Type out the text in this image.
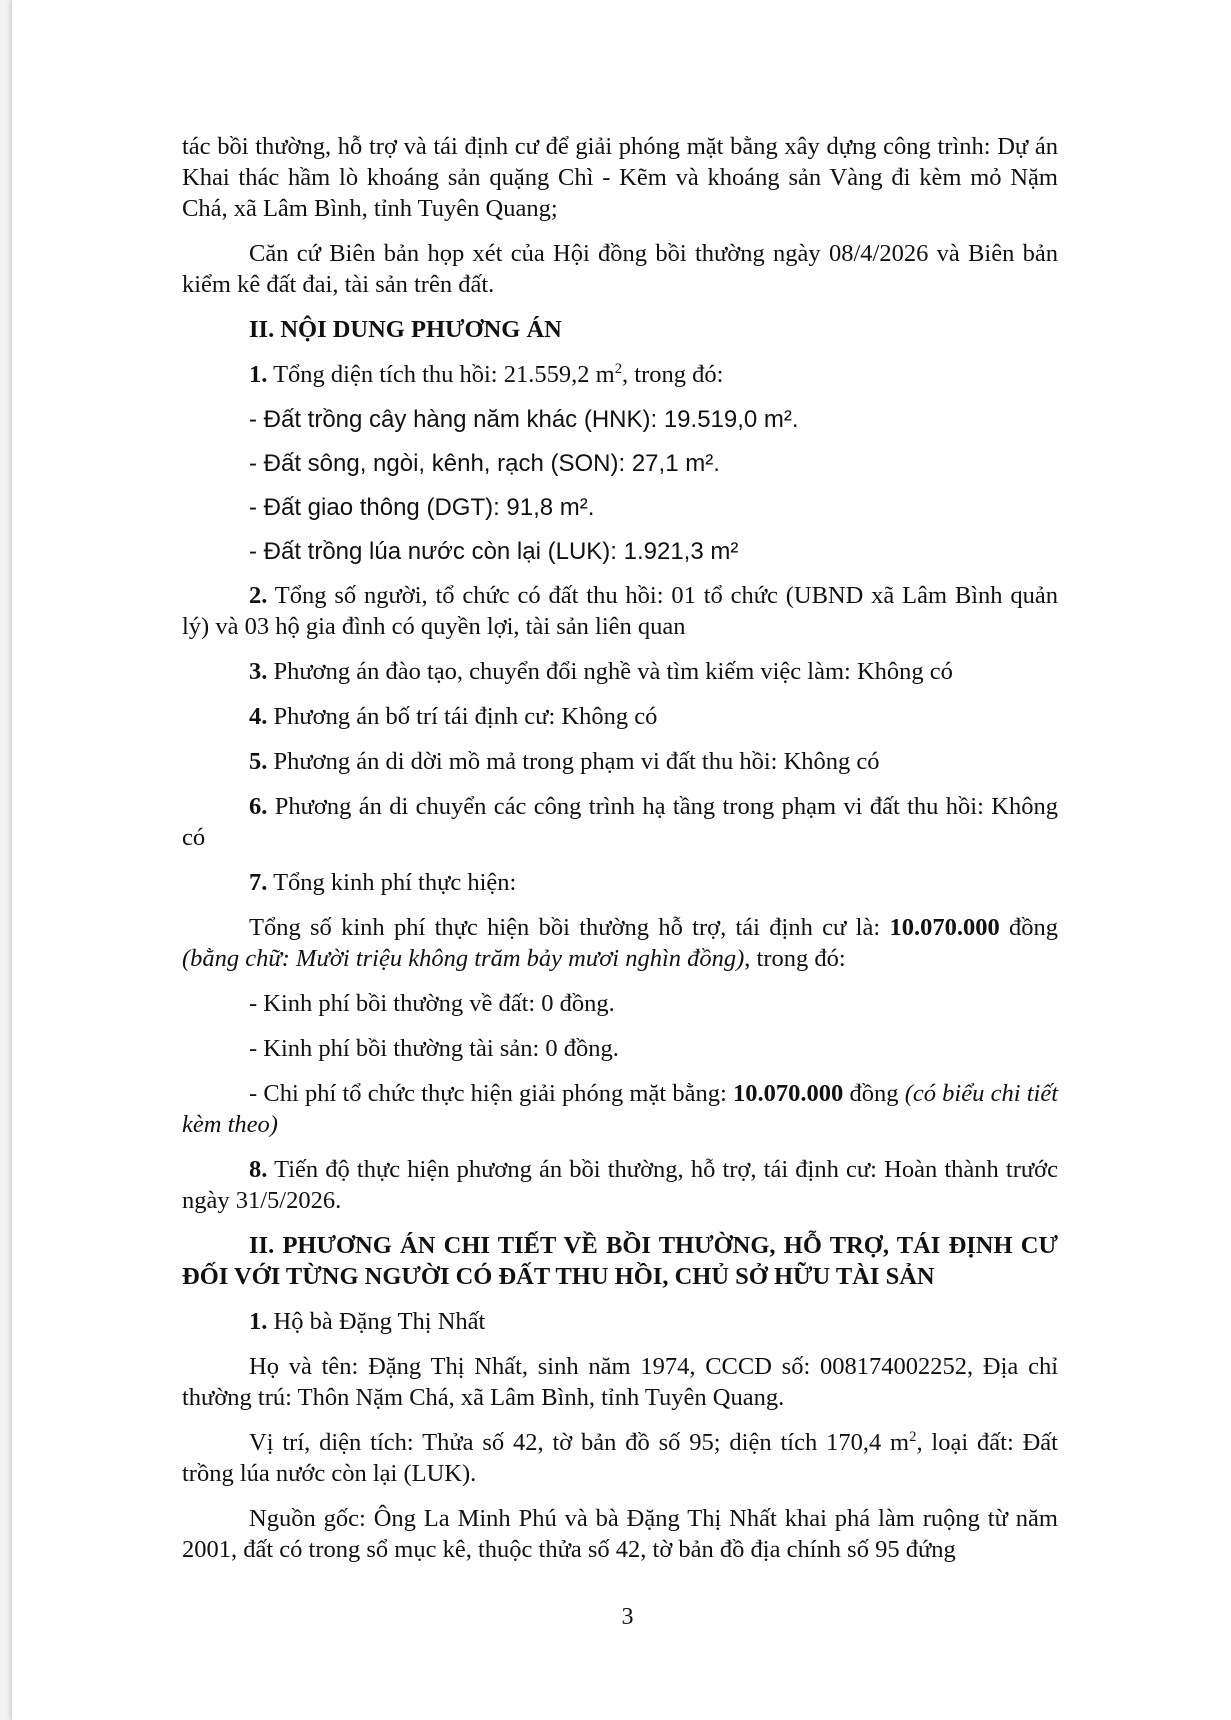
tác bồi thường, hỗ trợ và tái định cư để giải phóng mặt bằng xây dựng công trình: Dự án Khai thác hầm lò khoáng sản quặng Chì - Kẽm và khoáng sản Vàng đi kèm mỏ Nặm Chá, xã Lâm Bình, tỉnh Tuyên Quang;

Căn cứ Biên bản họp xét của Hội đồng bồi thường ngày 08/4/2026 và Biên bản kiểm kê đất đai, tài sản trên đất.

II. NỘI DUNG PHƯƠNG ÁN

1. Tổng diện tích thu hồi: 21.559,2 $m^2$, trong đó:

- Đất trồng cây hàng năm khác (HNK): 19.519,0 m².

- Đất sông, ngòi, kênh, rạch (SON): 27,1 m².

- Đất giao thông (DGT): 91,8 m².

- Đất trồng lúa nước còn lại (LUK): 1.921,3 m²

2. Tổng số người, tổ chức có đất thu hồi: 01 tổ chức (UBND xã Lâm Bình quản lý) và 03 hộ gia đình có quyền lợi, tài sản liên quan

3. Phương án đào tạo, chuyển đổi nghề và tìm kiếm việc làm: Không có

4. Phương án bố trí tái định cư: Không có

5. Phương án di dời mồ mả trong phạm vi đất thu hồi: Không có

6. Phương án di chuyển các công trình hạ tầng trong phạm vi đất thu hồi: Không có

7. Tổng kinh phí thực hiện:

Tổng số kinh phí thực hiện bồi thường hỗ trợ, tái định cư là: 10.070.000 đồng (bằng chữ: Mười triệu không trăm bảy mươi nghìn đồng), trong đó:

- Kinh phí bồi thường về đất: 0 đồng.

- Kinh phí bồi thường tài sản: 0 đồng.

- Chi phí tổ chức thực hiện giải phóng mặt bằng: 10.070.000 đồng (có biểu chi tiết kèm theo)

8. Tiến độ thực hiện phương án bồi thường, hỗ trợ, tái định cư: Hoàn thành trước ngày 31/5/2026.

II. PHƯƠNG ÁN CHI TIẾT VỀ BỒI THƯỜNG, HỖ TRỢ, TÁI ĐỊNH CƯ ĐỐI VỚI TỪNG NGƯỜI CÓ ĐẤT THU HỒI, CHỦ SỞ HỮU TÀI SẢN

1. Hộ bà Đặng Thị Nhất

Họ và tên: Đặng Thị Nhất, sinh năm 1974, CCCD số: 008174002252, Địa chỉ thường trú: Thôn Nặm Chá, xã Lâm Bình, tỉnh Tuyên Quang.

Vị trí, diện tích: Thửa số 42, tờ bản đồ số 95; diện tích 170,4 $m^2$, loại đất: Đất trồng lúa nước còn lại (LUK).

Nguồn gốc: Ông La Minh Phú và bà Đặng Thị Nhất khai phá làm ruộng từ năm 2001, đất có trong sổ mục kê, thuộc thửa số 42, tờ bản đồ địa chính số 95 đứng

3
